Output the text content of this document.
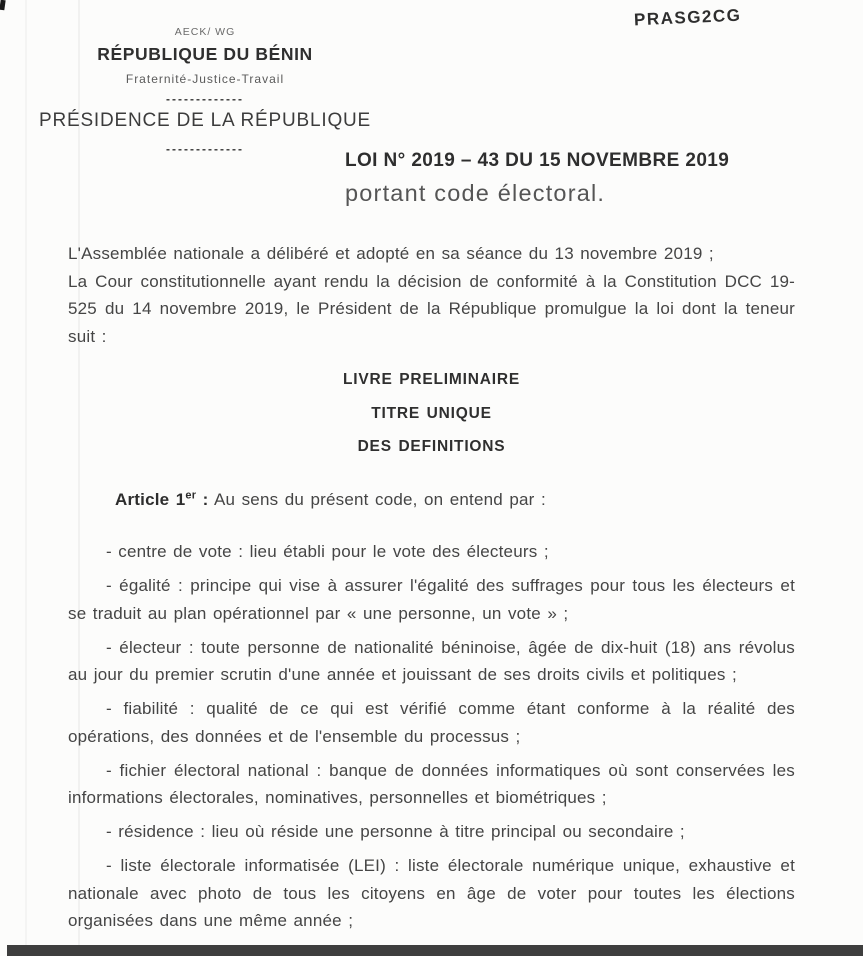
PRASG2CG
AECK/ WG
RÉPUBLIQUE DU BÉNIN
Fraternité-Justice-Travail
-------------
PRÉSIDENCE DE LA RÉPUBLIQUE
-------------
LOI N° 2019 – 43 DU 15 NOVEMBRE 2019
portant code électoral.

L'Assemblée nationale a délibéré et adopté en sa séance du 13 novembre 2019 ;

La Cour constitutionnelle ayant rendu la décision de conformité à la Constitution DCC 19-525 du 14 novembre 2019, le Président de la République promulgue la loi dont la teneur suit :

LIVRE PRELIMINAIRE
TITRE UNIQUE
DES DEFINITIONS

Article 1er : Au sens du présent code, on entend par :

- centre de vote : lieu établi pour le vote des électeurs ;

- égalité : principe qui vise à assurer l'égalité des suffrages pour tous les électeurs et se traduit au plan opérationnel par « une personne, un vote » ;

- électeur : toute personne de nationalité béninoise, âgée de dix-huit (18) ans révolus au jour du premier scrutin d'une année et jouissant de ses droits civils et politiques ;

- fiabilité : qualité de ce qui est vérifié comme étant conforme à la réalité des opérations, des données et de l'ensemble du processus ;

- fichier électoral national : banque de données informatiques où sont conservées les informations électorales, nominatives, personnelles et biométriques ;

- résidence : lieu où réside une personne à titre principal ou secondaire ;

- liste électorale informatisée (LEI) : liste électorale numérique unique, exhaustive et nationale avec photo de tous les citoyens en âge de voter pour toutes les élections organisées dans une même année ;
